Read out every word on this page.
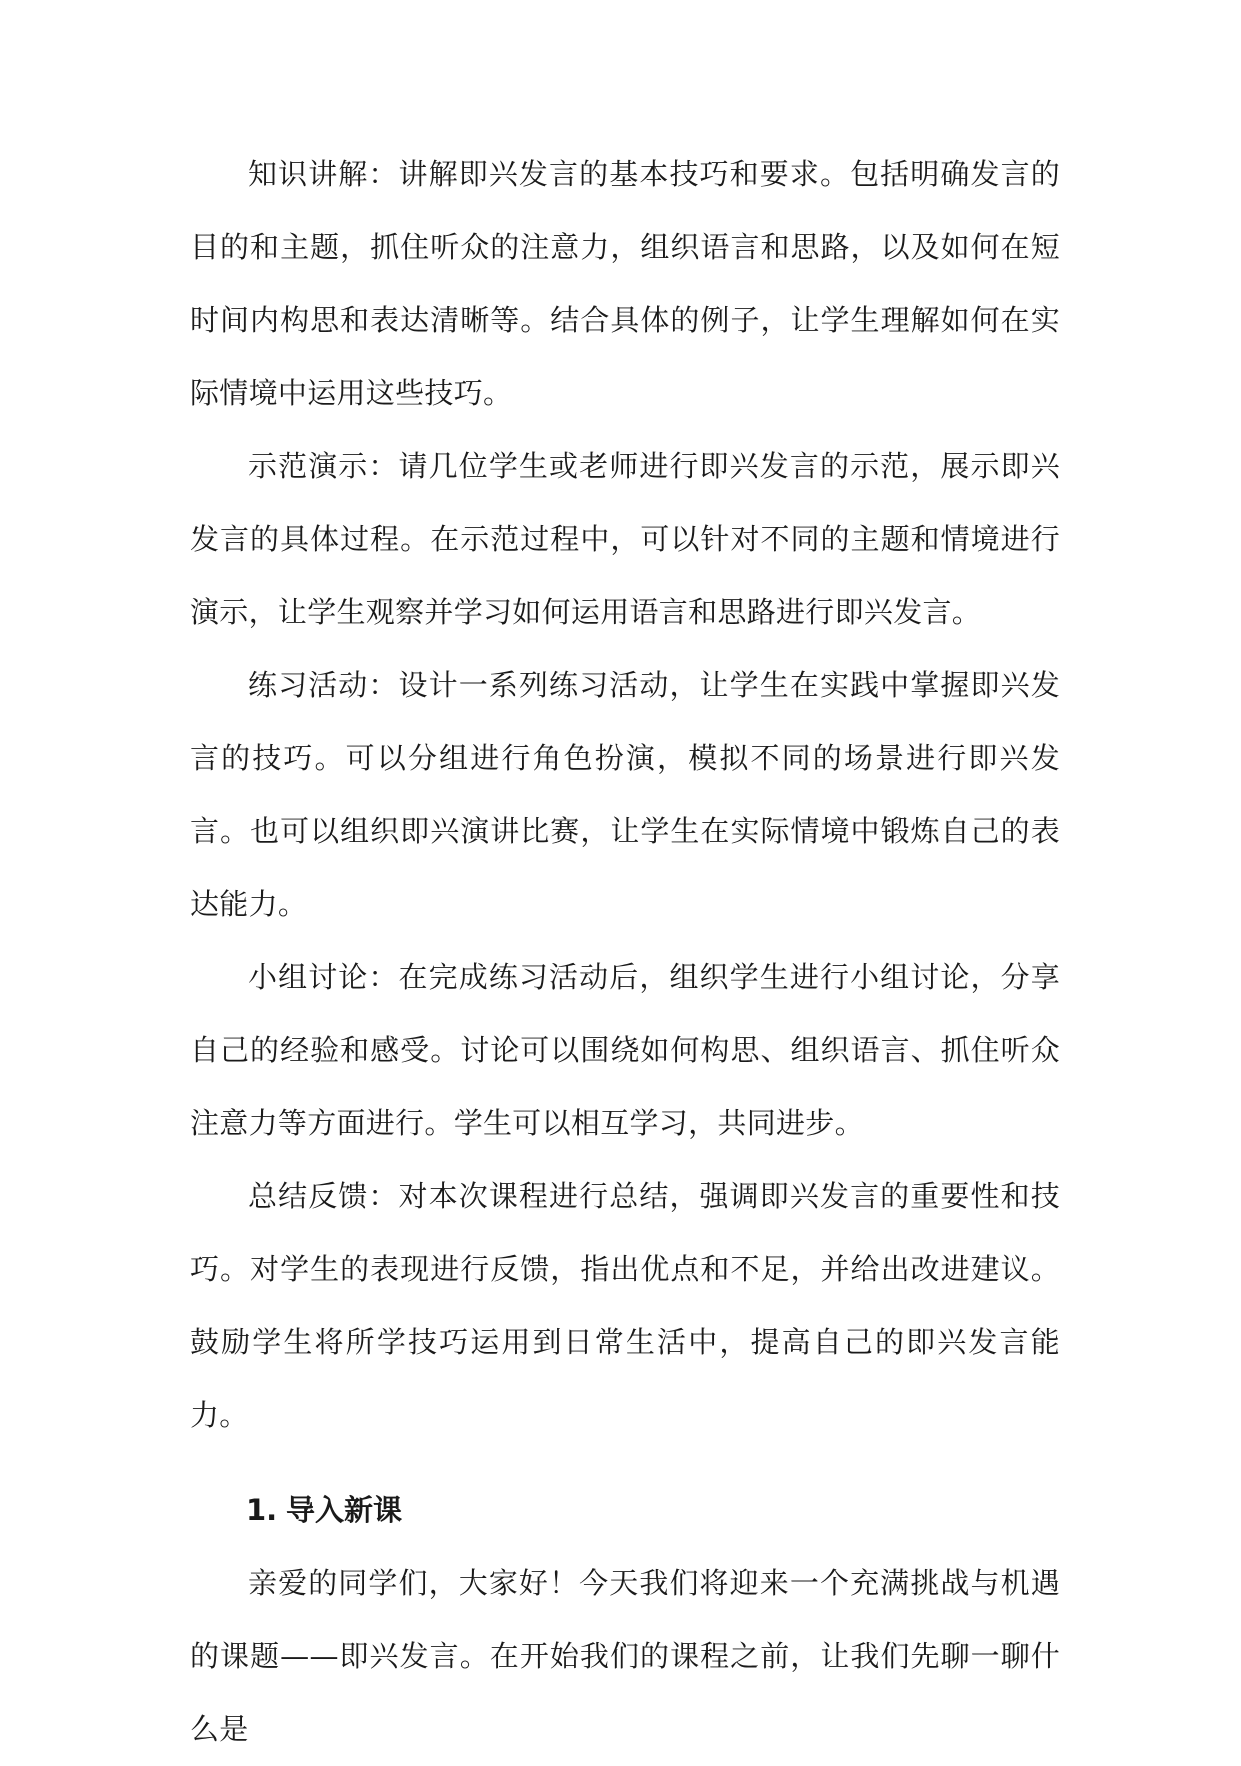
知识讲解：讲解即兴发言的基本技巧和要求。包括明确发言的目的和主题，抓住听众的注意力，组织语言和思路，以及如何在短时间内构思和表达清晰等。结合具体的例子，让学生理解如何在实际情境中运用这些技巧。

示范演示：请几位学生或老师进行即兴发言的示范，展示即兴发言的具体过程。在示范过程中，可以针对不同的主题和情境进行演示，让学生观察并学习如何运用语言和思路进行即兴发言。

练习活动：设计一系列练习活动，让学生在实践中掌握即兴发言的技巧。可以分组进行角色扮演，模拟不同的场景进行即兴发言。也可以组织即兴演讲比赛，让学生在实际情境中锻炼自己的表达能力。

小组讨论：在完成练习活动后，组织学生进行小组讨论，分享自己的经验和感受。讨论可以围绕如何构思、组织语言、抓住听众注意力等方面进行。学生可以相互学习，共同进步。

总结反馈：对本次课程进行总结，强调即兴发言的重要性和技巧。对学生的表现进行反馈，指出优点和不足，并给出改进建议。鼓励学生将所学技巧运用到日常生活中，提高自己的即兴发言能力。

1. 导入新课

亲爱的同学们，大家好！今天我们将迎来一个充满挑战与机遇的课题——即兴发言。在开始我们的课程之前，让我们先聊一聊什么是
